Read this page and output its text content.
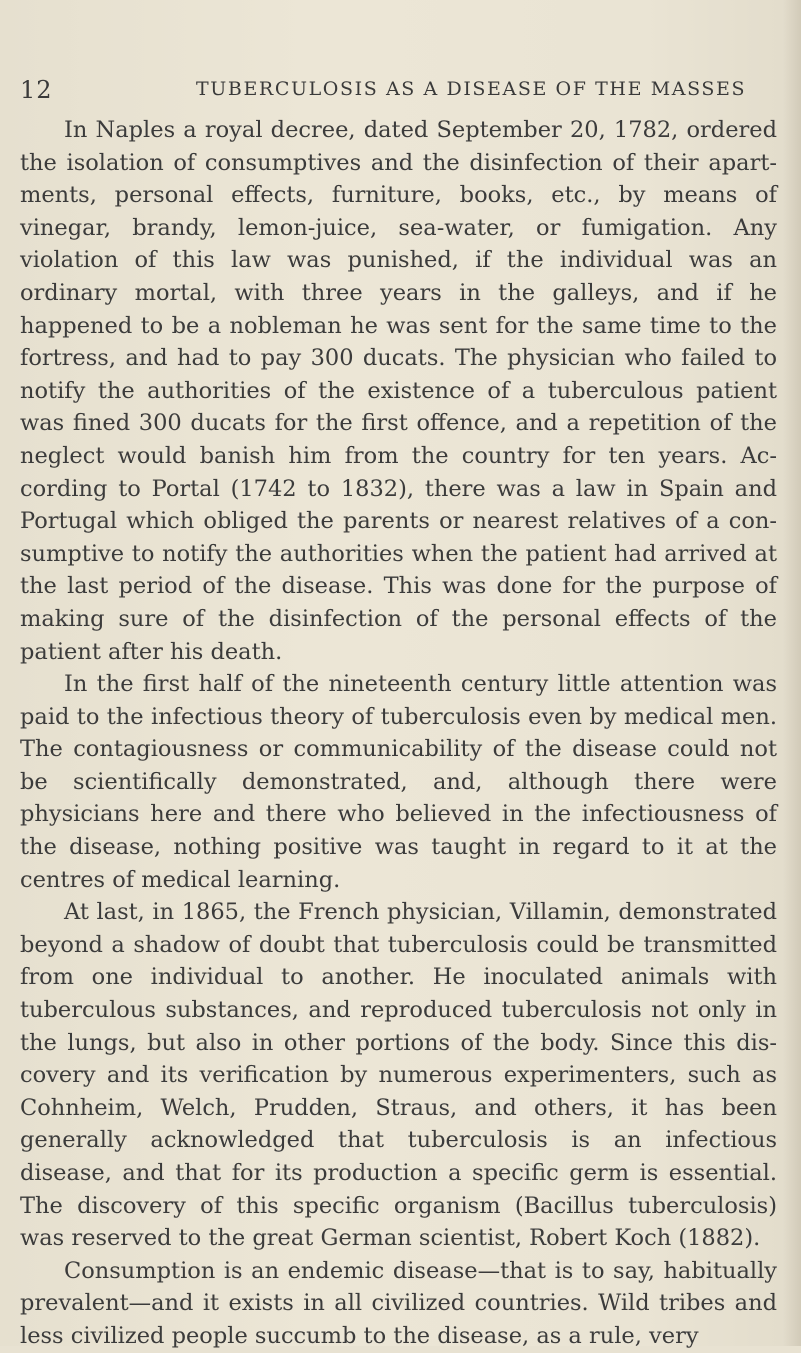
12	TUBERCULOSIS AS A DISEASE OF THE MASSES

In Naples a royal decree, dated September 20, 1782, ordered the isolation of consumptives and the disinfection of their apartments, personal effects, furniture, books, etc., by means of vinegar, brandy, lemon-juice, sea-water, or fumigation. Any violation of this law was punished, if the individual was an ordinary mortal, with three years in the galleys, and if he happened to be a nobleman he was sent for the same time to the fortress, and had to pay 300 ducats. The physician who failed to notify the authorities of the existence of a tuberculous patient was fined 300 ducats for the first offence, and a repetition of the neglect would banish him from the country for ten years. According to Portal (1742 to 1832), there was a law in Spain and Portugal which obliged the parents or nearest relatives of a consumptive to notify the authorities when the patient had arrived at the last period of the disease. This was done for the purpose of making sure of the disinfection of the personal effects of the patient after his death.

In the first half of the nineteenth century little attention was paid to the infectious theory of tuberculosis even by medical men. The contagiousness or communicability of the disease could not be scientifically demonstrated, and, although there were physicians here and there who believed in the infectiousness of the disease, nothing positive was taught in regard to it at the centres of medical learning.

At last, in 1865, the French physician, Villamin, demonstrated beyond a shadow of doubt that tuberculosis could be transmitted from one individual to another. He inoculated animals with tuberculous substances, and reproduced tuberculosis not only in the lungs, but also in other portions of the body. Since this discovery and its verification by numerous experimenters, such as Cohnheim, Welch, Prudden, Straus, and others, it has been generally acknowledged that tuberculosis is an infectious disease, and that for its production a specific germ is essential. The discovery of this specific organism (Bacillus tuberculosis) was reserved to the great German scientist, Robert Koch (1882).

Consumption is an endemic disease—that is to say, habitually prevalent—and it exists in all civilized countries. Wild tribes and less civilized people succumb to the disease, as a rule, very
